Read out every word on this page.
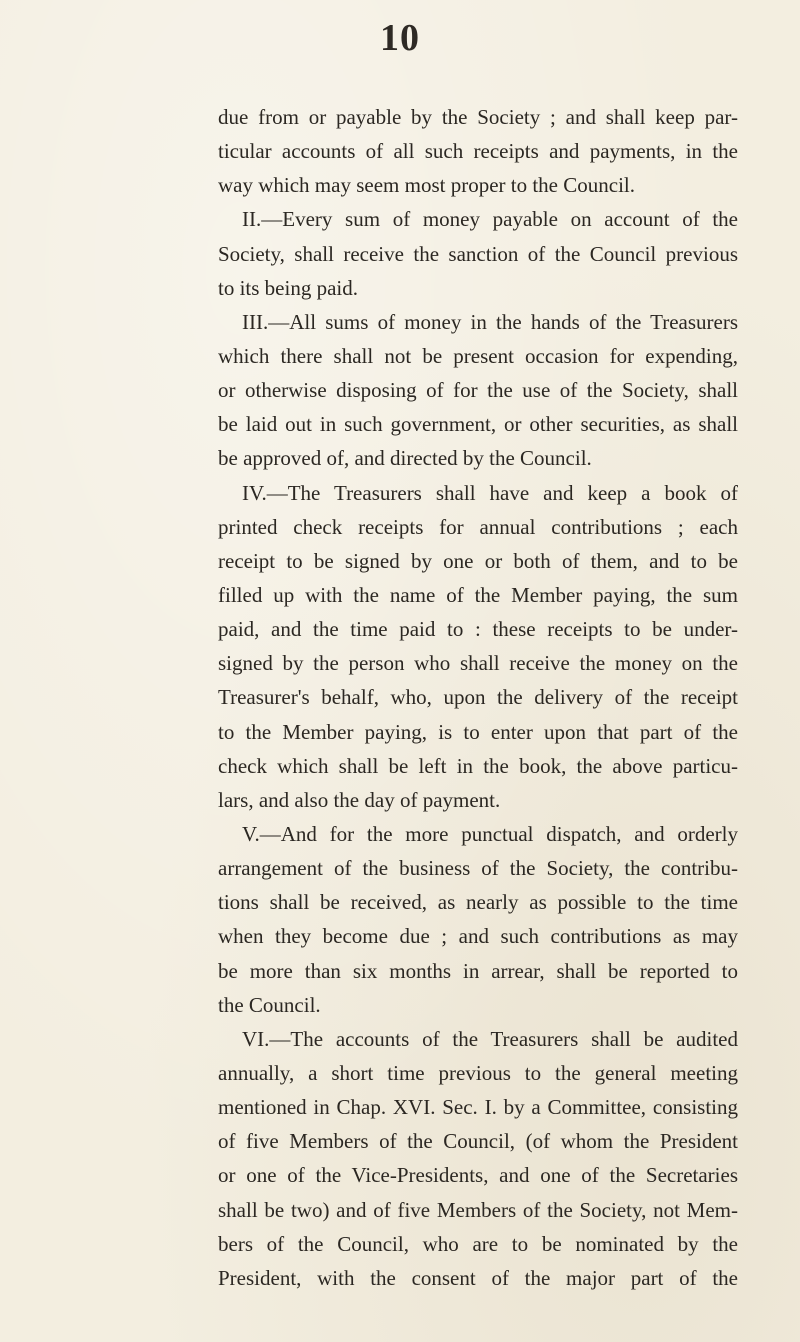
10
due from or payable by the Society ; and shall keep par-
ticular accounts of all such receipts and payments, in the
way which may seem most proper to the Council.
II.—Every sum of money payable on account of the
Society, shall receive the sanction of the Council previous
to its being paid.
III.—All sums of money in the hands of the Treasurers
which there shall not be present occasion for expending,
or otherwise disposing of for the use of the Society, shall
be laid out in such government, or other securities, as shall
be approved of, and directed by the Council.
IV.—The Treasurers shall have and keep a book of
printed check receipts for annual contributions ; each
receipt to be signed by one or both of them, and to be
filled up with the name of the Member paying, the sum
paid, and the time paid to : these receipts to be under-
signed by the person who shall receive the money on the
Treasurer's behalf, who, upon the delivery of the receipt
to the Member paying, is to enter upon that part of the
check which shall be left in the book, the above particu-
lars, and also the day of payment.
V.—And for the more punctual dispatch, and orderly
arrangement of the business of the Society, the contribu-
tions shall be received, as nearly as possible to the time
when they become due ; and such contributions as may
be more than six months in arrear, shall be reported to
the Council.
VI.—The accounts of the Treasurers shall be audited
annually, a short time previous to the general meeting
mentioned in Chap. XVI. Sec. I. by a Committee, consisting
of five Members of the Council, (of whom the President
or one of the Vice-Presidents, and one of the Secretaries
shall be two) and of five Members of the Society, not Mem-
bers of the Council, who are to be nominated by the
President, with the consent of the major part of the
